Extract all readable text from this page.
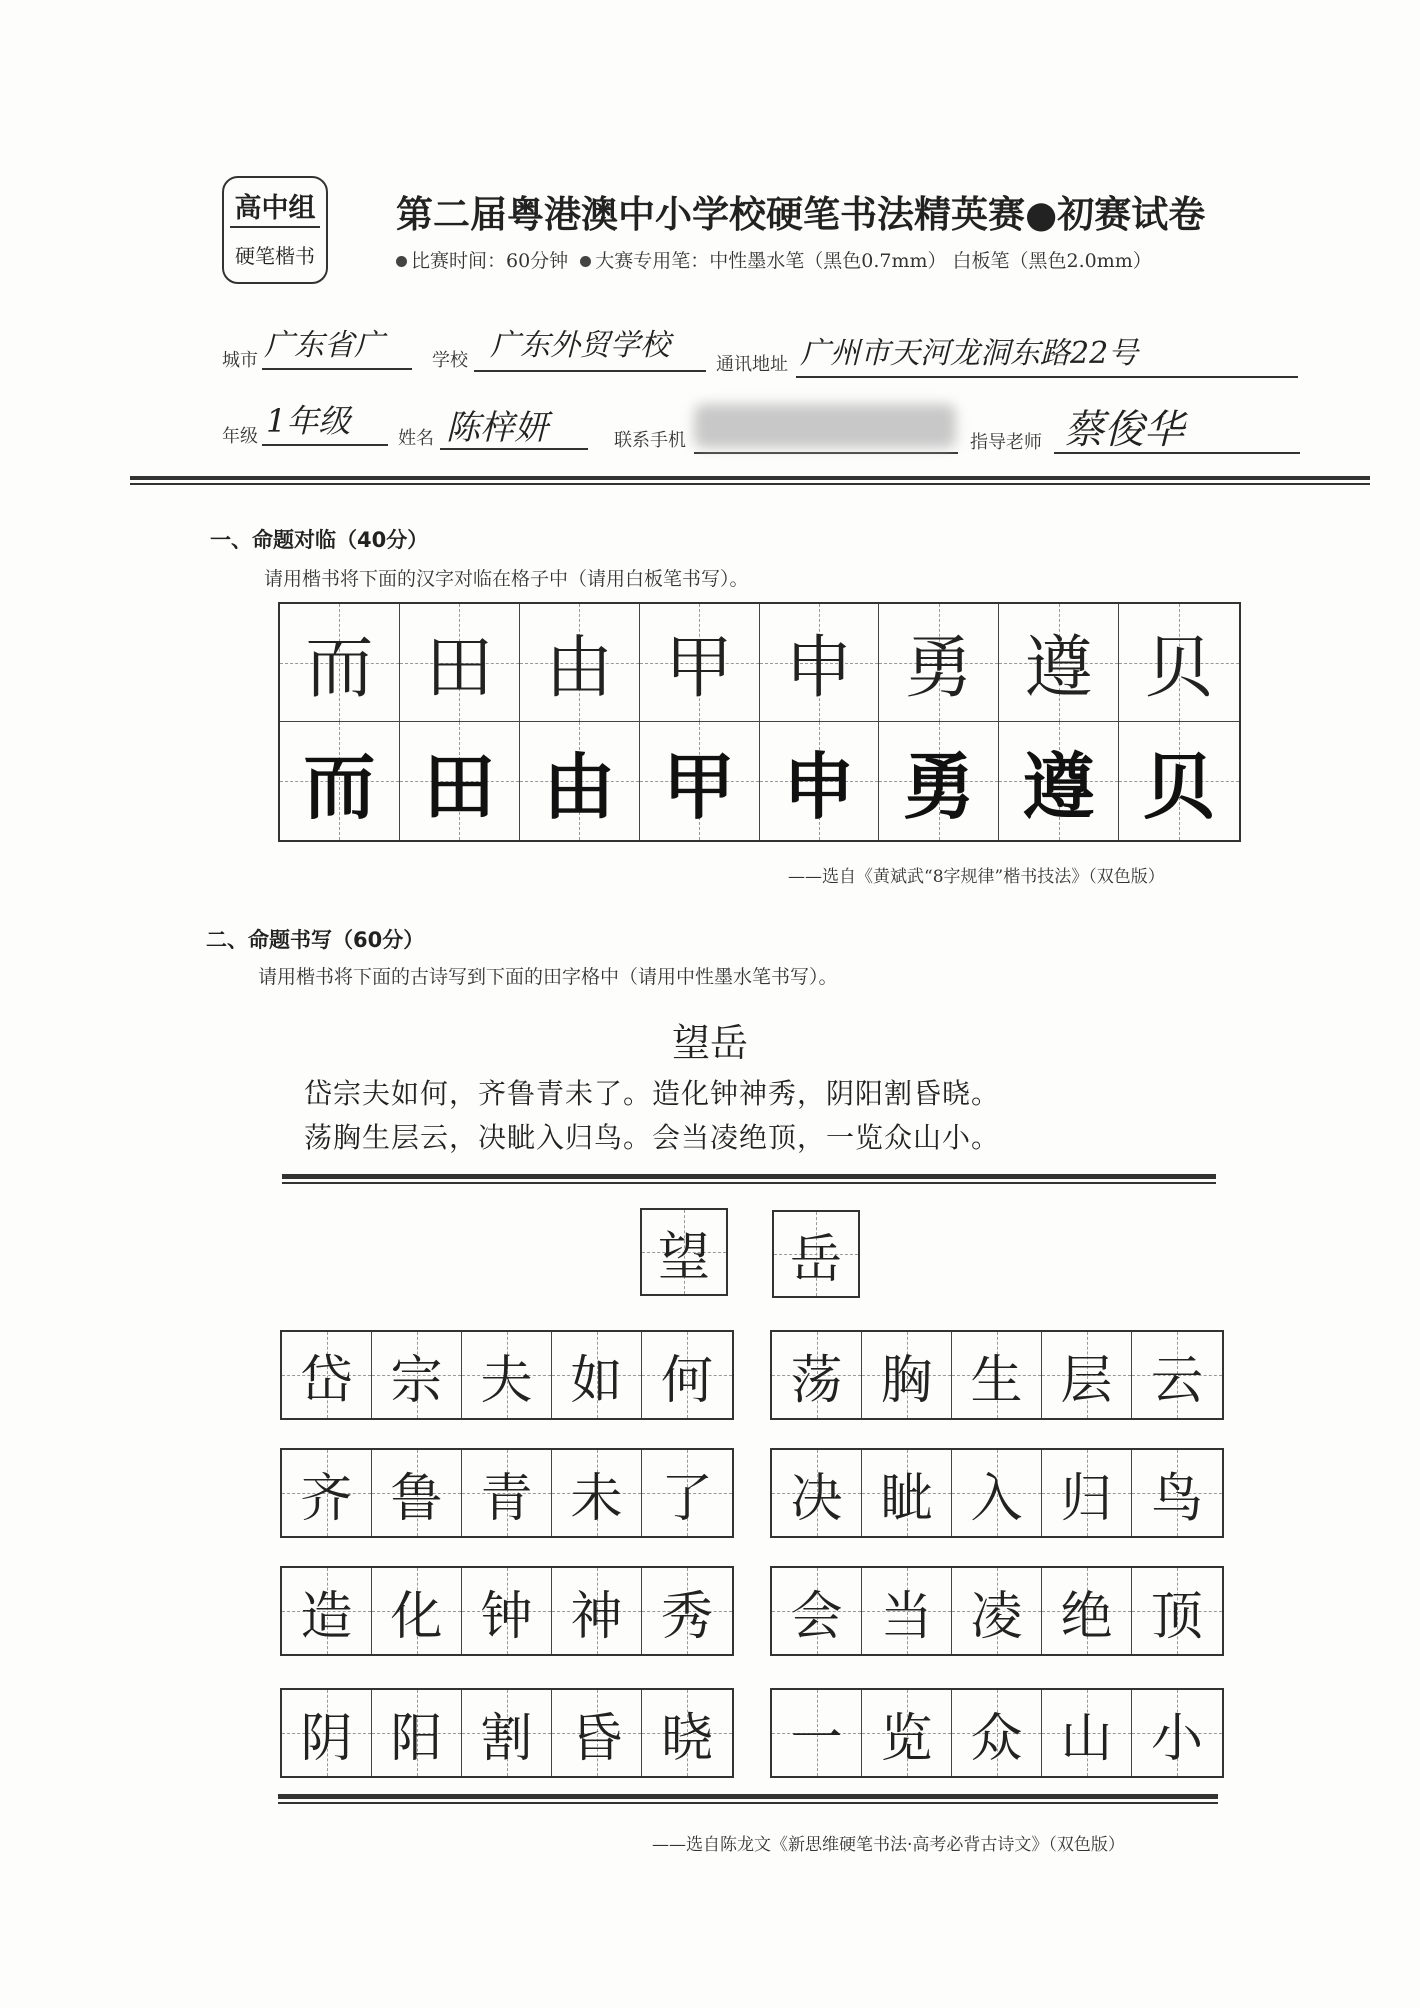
高中组
硬笔楷书
第二届粤港澳中小学校硬笔书法精英赛●初赛试卷
比赛时间：60分钟 大赛专用笔：中性墨水笔（黑色0.7mm） 白板笔（黑色2.0mm）
城市 广东省广	学校 广东外贸学校
通讯地址 广州市天河龙洞东路22号
年级 1年级	姓名 陈梓妍	联系手机	指导老师 蔡俊华
一、命题对临（40分）
请用楷书将下面的汉字对临在格子中（请用白板笔书写）。
而 田 由 甲 申 勇 遵 贝
而 田 由 甲 申 勇 遵 贝
——选自《黄斌武“8字规律”楷书技法》（双色版）
二、命题书写（60分）
请用楷书将下面的古诗写到下面的田字格中（请用中性墨水笔书写）。
望岳
岱宗夫如何，齐鲁青未了。造化钟神秀，阴阳割昏晓。
荡胸生层云，决眦入归鸟。会当凌绝顶，一览众山小。
望 岳
岱 宗 夫 如 何
齐 鲁 青 未 了
造 化 钟 神 秀
阴 阳 割 昏 晓
荡 胸 生 层 云
决 眦 入 归 鸟
会 当 凌 绝 顶
一 览 众 山 小
——选自陈龙文《新思维硬笔书法·高考必背古诗文》（双色版）
